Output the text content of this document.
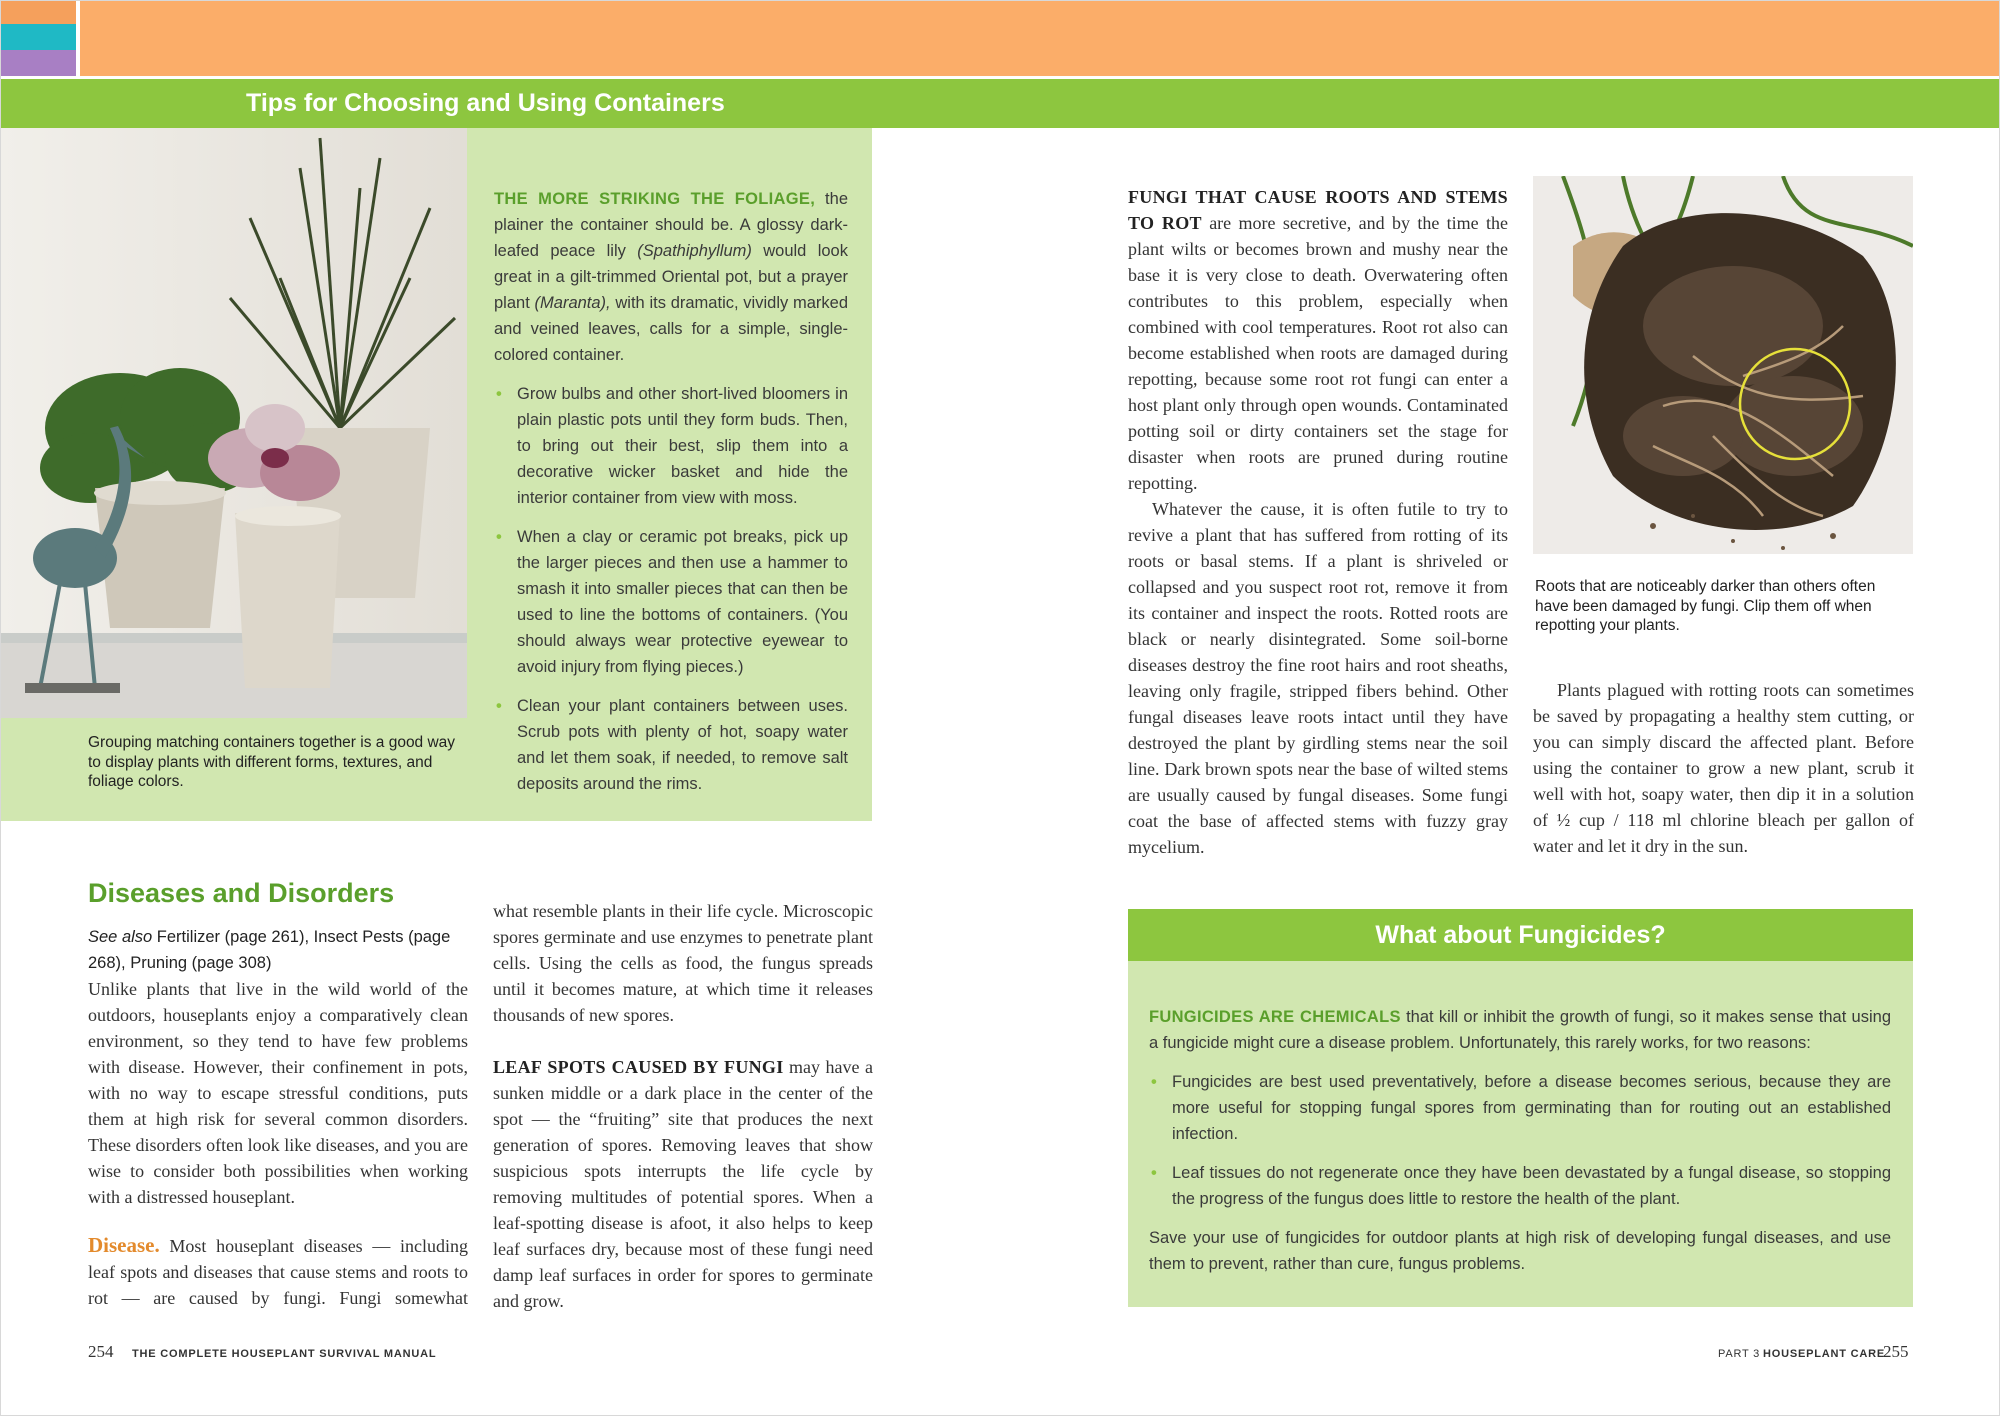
Tips for Choosing and Using Containers
Grouping matching containers together is a good way to display plants with different forms, textures, and foliage colors.

THE MORE STRIKING THE FOLIAGE, the plainer the container should be. A glossy dark-leafed peace lily (Spathiphyllum) would look great in a gilt-trimmed Oriental pot, but a prayer plant (Maranta), with its dramatic, vividly marked and veined leaves, calls for a simple, single-colored container.

• Grow bulbs and other short-lived bloomers in plain plastic pots until they form buds. Then, to bring out their best, slip them into a decorative wicker basket and hide the interior container from view with moss.
• When a clay or ceramic pot breaks, pick up the larger pieces and then use a hammer to smash it into smaller pieces that can then be used to line the bottoms of containers. (You should always wear protective eyewear to avoid injury from flying pieces.)
• Clean your plant containers between uses. Scrub pots with plenty of hot, soapy water and let them soak, if needed, to remove salt deposits around the rims.
Diseases and Disorders
See also Fertilizer (page 261), Insect Pests (page 268), Pruning (page 308)

Unlike plants that live in the wild world of the outdoors, houseplants enjoy a comparatively clean environment, so they tend to have few problems with disease. However, their confinement in pots, with no way to escape stressful conditions, puts them at high risk for several common disorders. These disorders often look like diseases, and you are wise to consider both possibilities when working with a distressed houseplant.

Disease. Most houseplant diseases — including leaf spots and diseases that cause stems and roots to rot — are caused by fungi. Fungi somewhat

what resemble plants in their life cycle. Microscopic spores germinate and use enzymes to penetrate plant cells. Using the cells as food, the fungus spreads until it becomes mature, at which time it releases thousands of new spores.

LEAF SPOTS CAUSED BY FUNGI may have a sunken middle or a dark place in the center of the spot — the “fruiting” site that produces the next generation of spores. Removing leaves that show suspicious spots interrupts the life cycle by removing multitudes of potential spores. When a leaf-spotting disease is afoot, it also helps to keep leaf surfaces dry, because most of these fungi need damp leaf surfaces in order for spores to germinate and grow.

FUNGI THAT CAUSE ROOTS AND STEMS TO ROT are more secretive, and by the time the plant wilts or becomes brown and mushy near the base it is very close to death. Overwatering often contributes to this problem, especially when combined with cool temperatures. Root rot also can become established when roots are damaged during repotting, because some root rot fungi can enter a host plant only through open wounds. Contaminated potting soil or dirty containers set the stage for disaster when roots are pruned during routine repotting.

Whatever the cause, it is often futile to try to revive a plant that has suffered from rotting of its roots or basal stems. If a plant is shriveled or collapsed and you suspect root rot, remove it from its container and inspect the roots. Rotted roots are black or nearly disintegrated. Some soil-borne diseases destroy the fine root hairs and root sheaths, leaving only fragile, stripped fibers behind. Other fungal diseases leave roots intact until they have destroyed the plant by girdling stems near the soil line. Dark brown spots near the base of wilted stems are usually caused by fungal diseases. Some fungi coat the base of affected stems with fuzzy gray mycelium.

Roots that are noticeably darker than others often have been damaged by fungi. Clip them off when repotting your plants.

Plants plagued with rotting roots can sometimes be saved by propagating a healthy stem cutting, or you can simply discard the affected plant. Before using the container to grow a new plant, scrub it well with hot, soapy water, then dip it in a solution of ½ cup / 118 ml chlorine bleach per gallon of water and let it dry in the sun.

What about Fungicides?

FUNGICIDES ARE CHEMICALS that kill or inhibit the growth of fungi, so it makes sense that using a fungicide might cure a disease problem. Unfortunately, this rarely works, for two reasons:

• Fungicides are best used preventatively, before a disease becomes serious, because they are more useful for stopping fungal spores from germinating than for routing out an established infection.
• Leaf tissues do not regenerate once they have been devastated by a fungal disease, so stopping the progress of the fungus does little to restore the health of the plant.

Save your use of fungicides for outdoor plants at high risk of developing fungal diseases, and use them to prevent, rather than cure, fungus problems.

254 THE COMPLETE HOUSEPLANT SURVIVAL MANUAL	PART 3 HOUSEPLANT CARE
255
